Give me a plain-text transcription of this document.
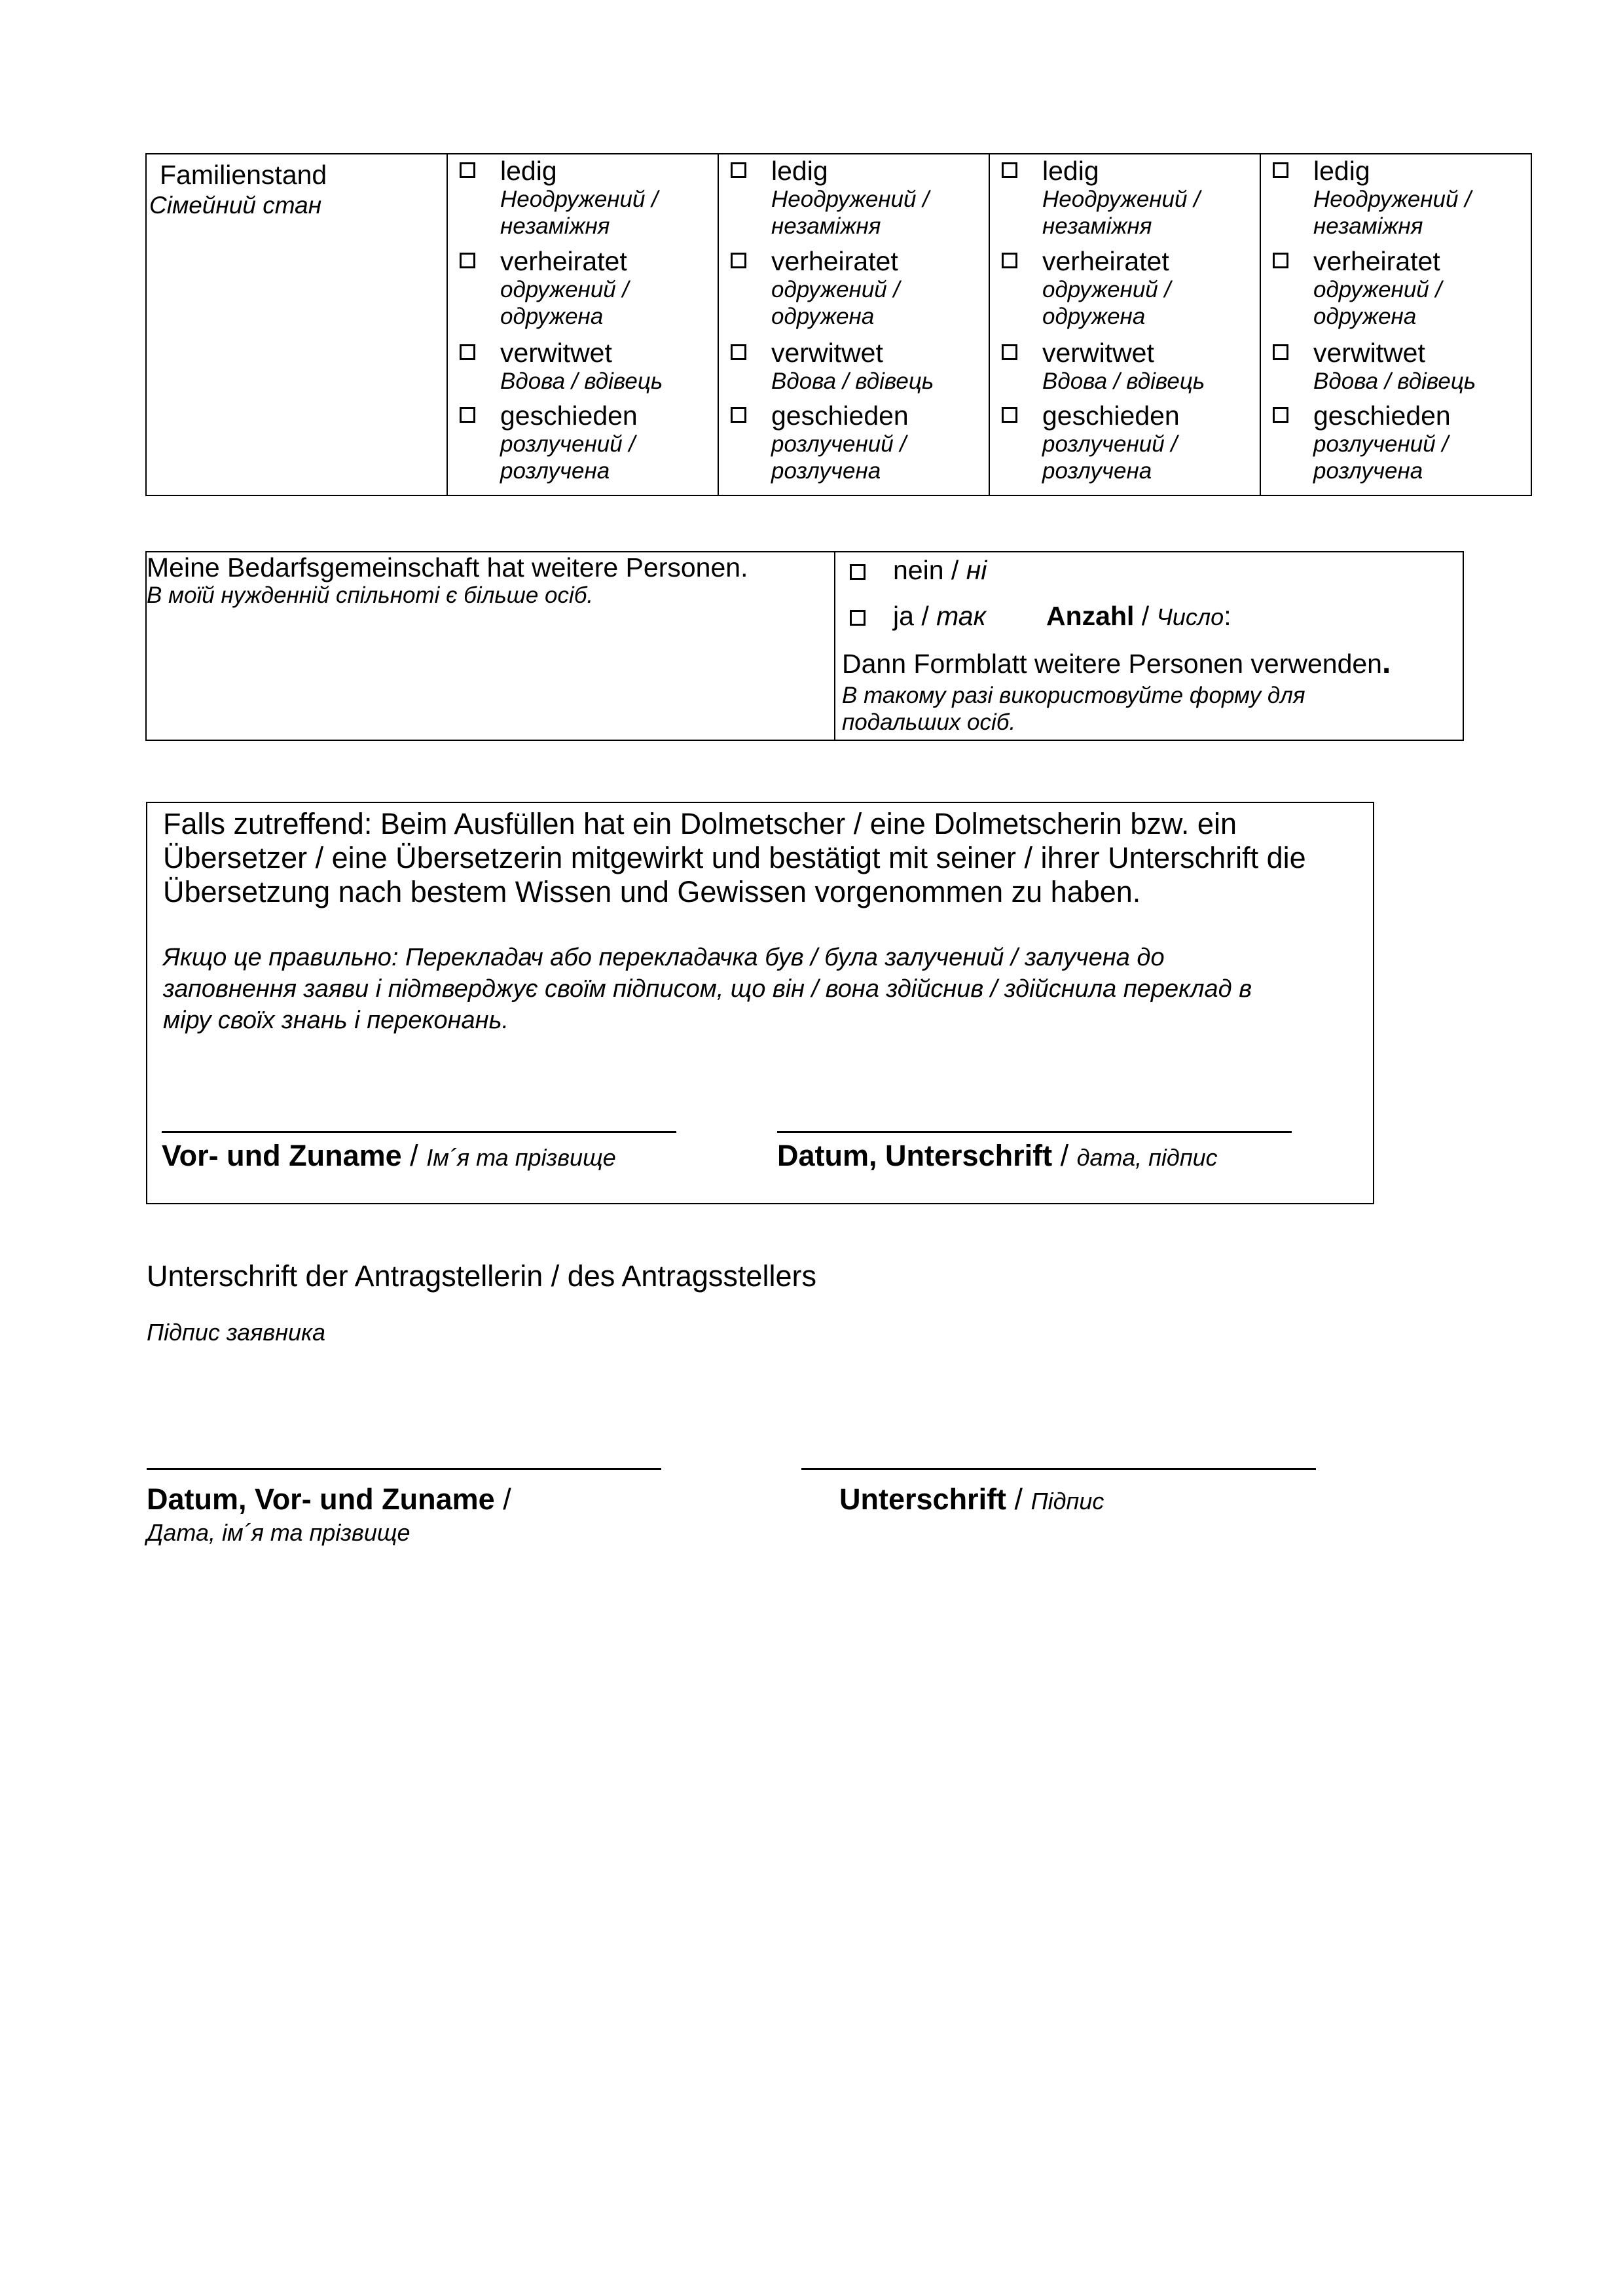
Familienstand
Сімейний стан

ledig
Неодружений /
незаміжня
verheiratet
одружений /
одружена
verwitwet
Вдова / вдівець
geschieden
розлучений /
розлучена

ledig
Неодружений /
незаміжня
verheiratet
одружений /
одружена
verwitwet
Вдова / вдівець
geschieden
розлучений /
розлучена

ledig
Неодружений /
незаміжня
verheiratet
одружений /
одружена
verwitwet
Вдова / вдівець
geschieden
розлучений /
розлучена

ledig
Неодружений /
незаміжня
verheiratet
одружений /
одружена
verwitwet
Вдова / вдівець
geschieden
розлучений /
розлучена
Meine Bedarfsgemeinschaft hat weitere Personen.
В моїй нужденній спільноті є більше осіб.

nein / ні
ja / так Anzahl / Число:
Dann Formblatt weitere Personen verwenden.
В такому разі використовуйте форму для
подальших осіб.
Falls zutreffend: Beim Ausfüllen hat ein Dolmetscher / eine Dolmetscherin bzw. ein
Übersetzer / eine Übersetzerin mitgewirkt und bestätigt mit seiner / ihrer Unterschrift die
Übersetzung nach bestem Wissen und Gewissen vorgenommen zu haben.
Якщо це правильно: Перекладач або перекладачка був / була залучений / залучена до
заповнення заяви і підтверджує своїм підписом, що він / вона здійснив / здійснила переклад в
міру своїх знань і переконань.
Vor- und Zuname / Ім´я та прізвище	Datum, Unterschrift / дата, підпис
Unterschrift der Antragstellerin / des Antragsstellers
Підпис заявника
Datum, Vor- und Zuname /
Дата, ім´я та прізвище
Unterschrift / Підпис
